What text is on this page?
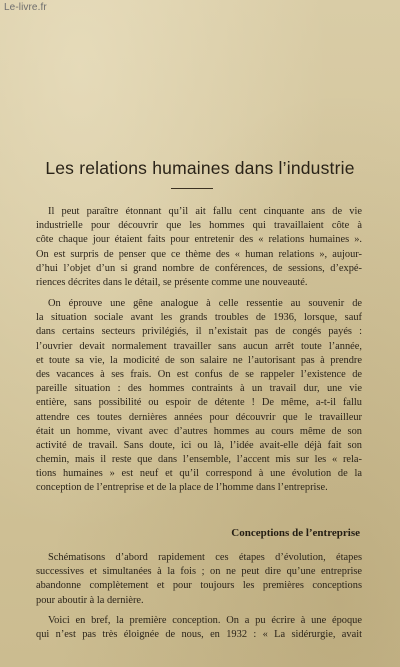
Le-livre.fr
Les relations humaines dans l’industrie
Il peut paraître étonnant qu’il ait fallu cent cinquante ans de vie
industrielle pour découvrir que les hommes qui travaillaient côte à
côte chaque jour étaient faits pour entretenir des « relations humaines ».
On est surpris de penser que ce thème des « human relations », aujour-
d’hui l’objet d’un si grand nombre de conférences, de sessions, d’expé-
riences décrites dans le détail, se présente comme une nouveauté.
On éprouve une gêne analogue à celle ressentie au souvenir de
la situation sociale avant les grands troubles de 1936, lorsque, sauf
dans certains secteurs privilégiés, il n’existait pas de congés payés :
l’ouvrier devait normalement travailler sans aucun arrêt toute l’année,
et toute sa vie, la modicité de son salaire ne l’autorisant pas à prendre
des vacances à ses frais. On est confus de se rappeler l’existence de
pareille situation : des hommes contraints à un travail dur, une vie
entière, sans possibilité ou espoir de détente ! De même, a-t-il fallu
attendre ces toutes dernières années pour découvrir que le travailleur
était un homme, vivant avec d’autres hommes au cours même de son
activité de travail. Sans doute, ici ou là, l’idée avait-elle déjà fait son
chemin, mais il reste que dans l’ensemble, l’accent mis sur les « rela-
tions humaines » est neuf et qu’il correspond à une évolution de la
conception de l’entreprise et de la place de l’homme dans l’entreprise.
Conceptions de l’entreprise
Schématisons d’abord rapidement ces étapes d’évolution, étapes
successives et simultanées à la fois ; on ne peut dire qu’une entreprise
abandonne complètement et pour toujours les premières conceptions
pour aboutir à la dernière.
Voici en bref, la première conception. On a pu écrire à une époque
qui n’est pas très éloignée de nous, en 1932 : « La sidérurgie, avait
